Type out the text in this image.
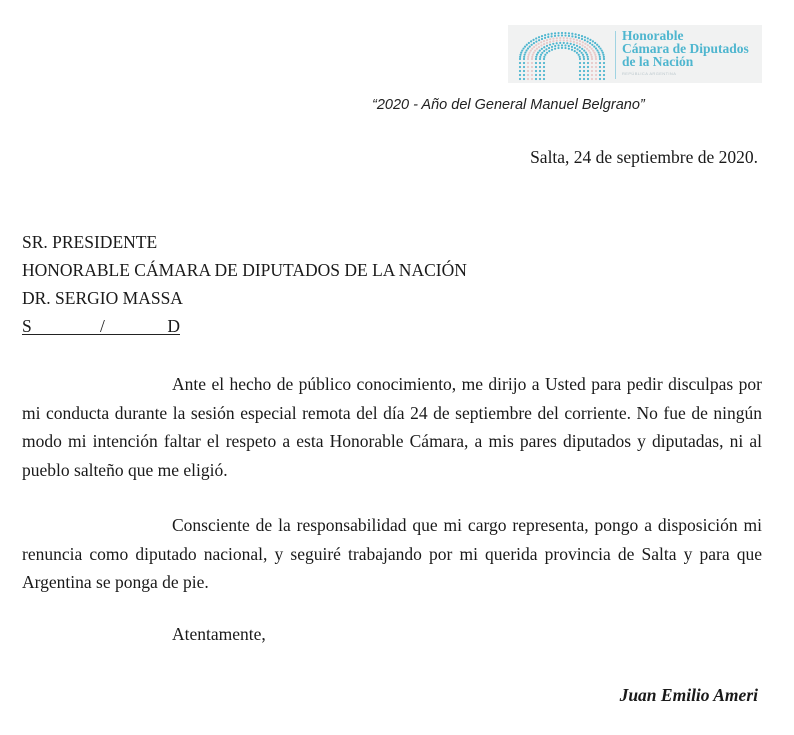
Honorable
Cámara de Diputados
de la Nación
REPÚBLICA ARGENTINA
“2020 - Año del General Manuel Belgrano”
Salta, 24 de septiembre de 2020.
SR. PRESIDENTE
HONORABLE CÁMARA DE DIPUTADOS DE LA NACIÓN
DR. SERGIO MASSA
S	/	D
Ante el hecho de público conocimiento, me dirijo a Usted para pedir disculpas por mi conducta durante la sesión especial remota del día 24 de septiembre del corriente. No fue de ningún modo mi intención faltar el respeto a esta Honorable Cámara, a mis pares diputados y diputadas, ni al pueblo salteño que me eligió.
Consciente de la responsabilidad que mi cargo representa, pongo a disposición mi renuncia como diputado nacional, y seguiré trabajando por mi querida provincia de Salta y para que Argentina se ponga de pie.
Atentamente,
Juan Emilio Ameri
